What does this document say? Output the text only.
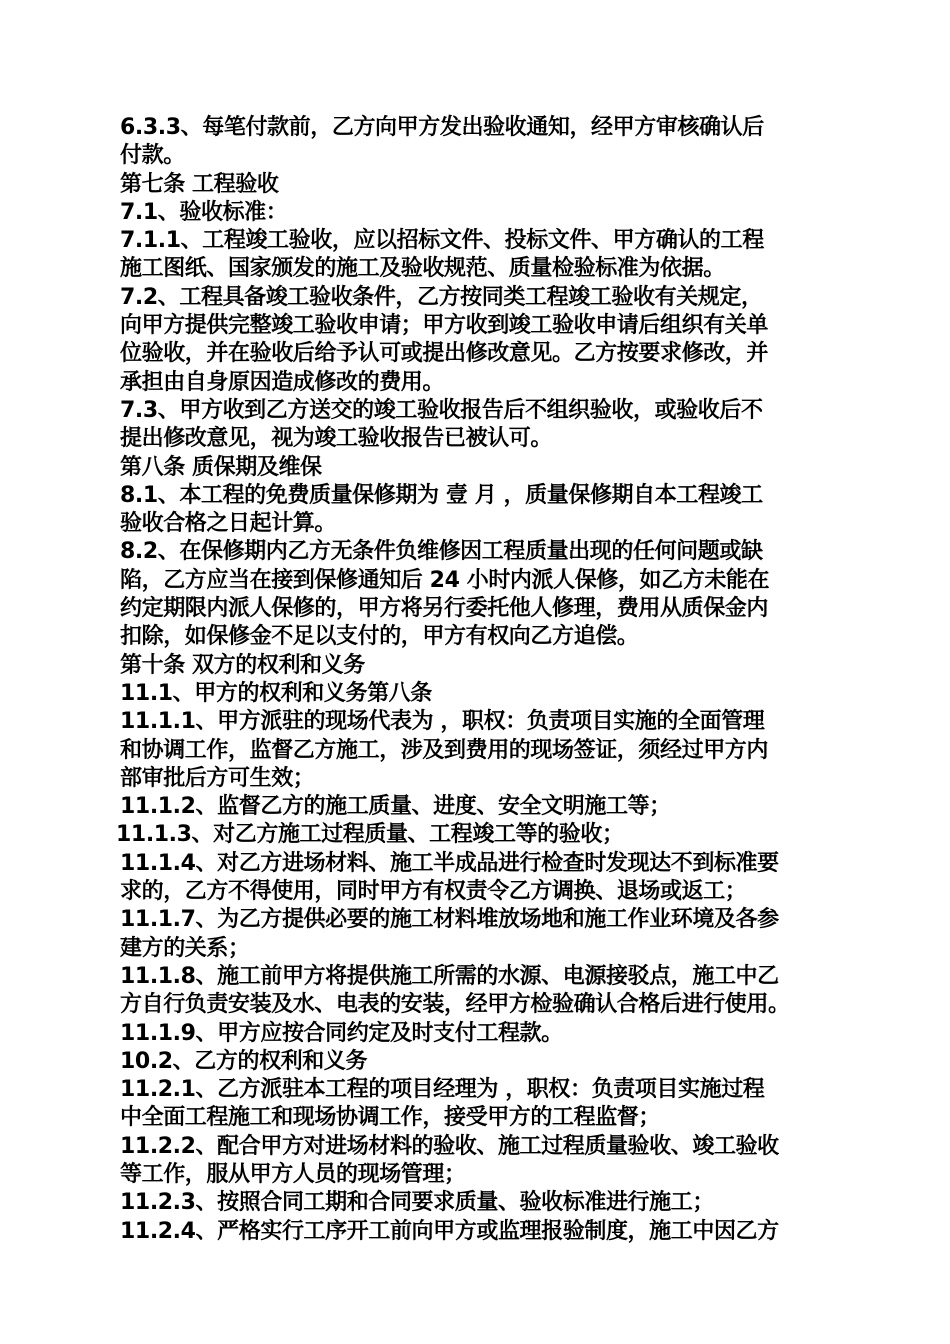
6.3.3、每笔付款前，乙方向甲方发出验收通知，经甲方审核确认后
付款。
第七条 工程验收
7.1、验收标准：
7.1.1、工程竣工验收，应以招标文件、投标文件、甲方确认的工程
施工图纸、国家颁发的施工及验收规范、质量检验标准为依据。
7.2、工程具备竣工验收条件，乙方按同类工程竣工验收有关规定，
向甲方提供完整竣工验收申请；甲方收到竣工验收申请后组织有关单
位验收，并在验收后给予认可或提出修改意见。乙方按要求修改，并
承担由自身原因造成修改的费用。
7.3、甲方收到乙方送交的竣工验收报告后不组织验收，或验收后不
提出修改意见，视为竣工验收报告已被认可。
第八条 质保期及维保
8.1、本工程的免费质量保修期为 壹 月 ，质量保修期自本工程竣工
验收合格之日起计算。
8.2、在保修期内乙方无条件负维修因工程质量出现的任何问题或缺
陷，乙方应当在接到保修通知后 24 小时内派人保修，如乙方未能在
约定期限内派人保修的，甲方将另行委托他人修理，费用从质保金内
扣除，如保修金不足以支付的，甲方有权向乙方追偿。
第十条 双方的权利和义务
11.1、甲方的权利和义务第八条
11.1.1、甲方派驻的现场代表为 ，职权：负责项目实施的全面管理
和协调工作，监督乙方施工，涉及到费用的现场签证，须经过甲方内
部审批后方可生效；
11.1.2、监督乙方的施工质量、进度、安全文明施工等；
11.1.3、对乙方施工过程质量、工程竣工等的验收；
11.1.4、对乙方进场材料、施工半成品进行检查时发现达不到标准要
求的，乙方不得使用，同时甲方有权责令乙方调换、退场或返工；
11.1.7、为乙方提供必要的施工材料堆放场地和施工作业环境及各参
建方的关系；
11.1.8、施工前甲方将提供施工所需的水源、电源接驳点，施工中乙
方自行负责安装及水、电表的安装，经甲方检验确认合格后进行使用。
11.1.9、甲方应按合同约定及时支付工程款。
10.2、乙方的权利和义务
11.2.1、乙方派驻本工程的项目经理为 ，职权：负责项目实施过程
中全面工程施工和现场协调工作，接受甲方的工程监督；
11.2.2、配合甲方对进场材料的验收、施工过程质量验收、竣工验收
等工作，服从甲方人员的现场管理；
11.2.3、按照合同工期和合同要求质量、验收标准进行施工；
11.2.4、严格实行工序开工前向甲方或监理报验制度，施工中因乙方
